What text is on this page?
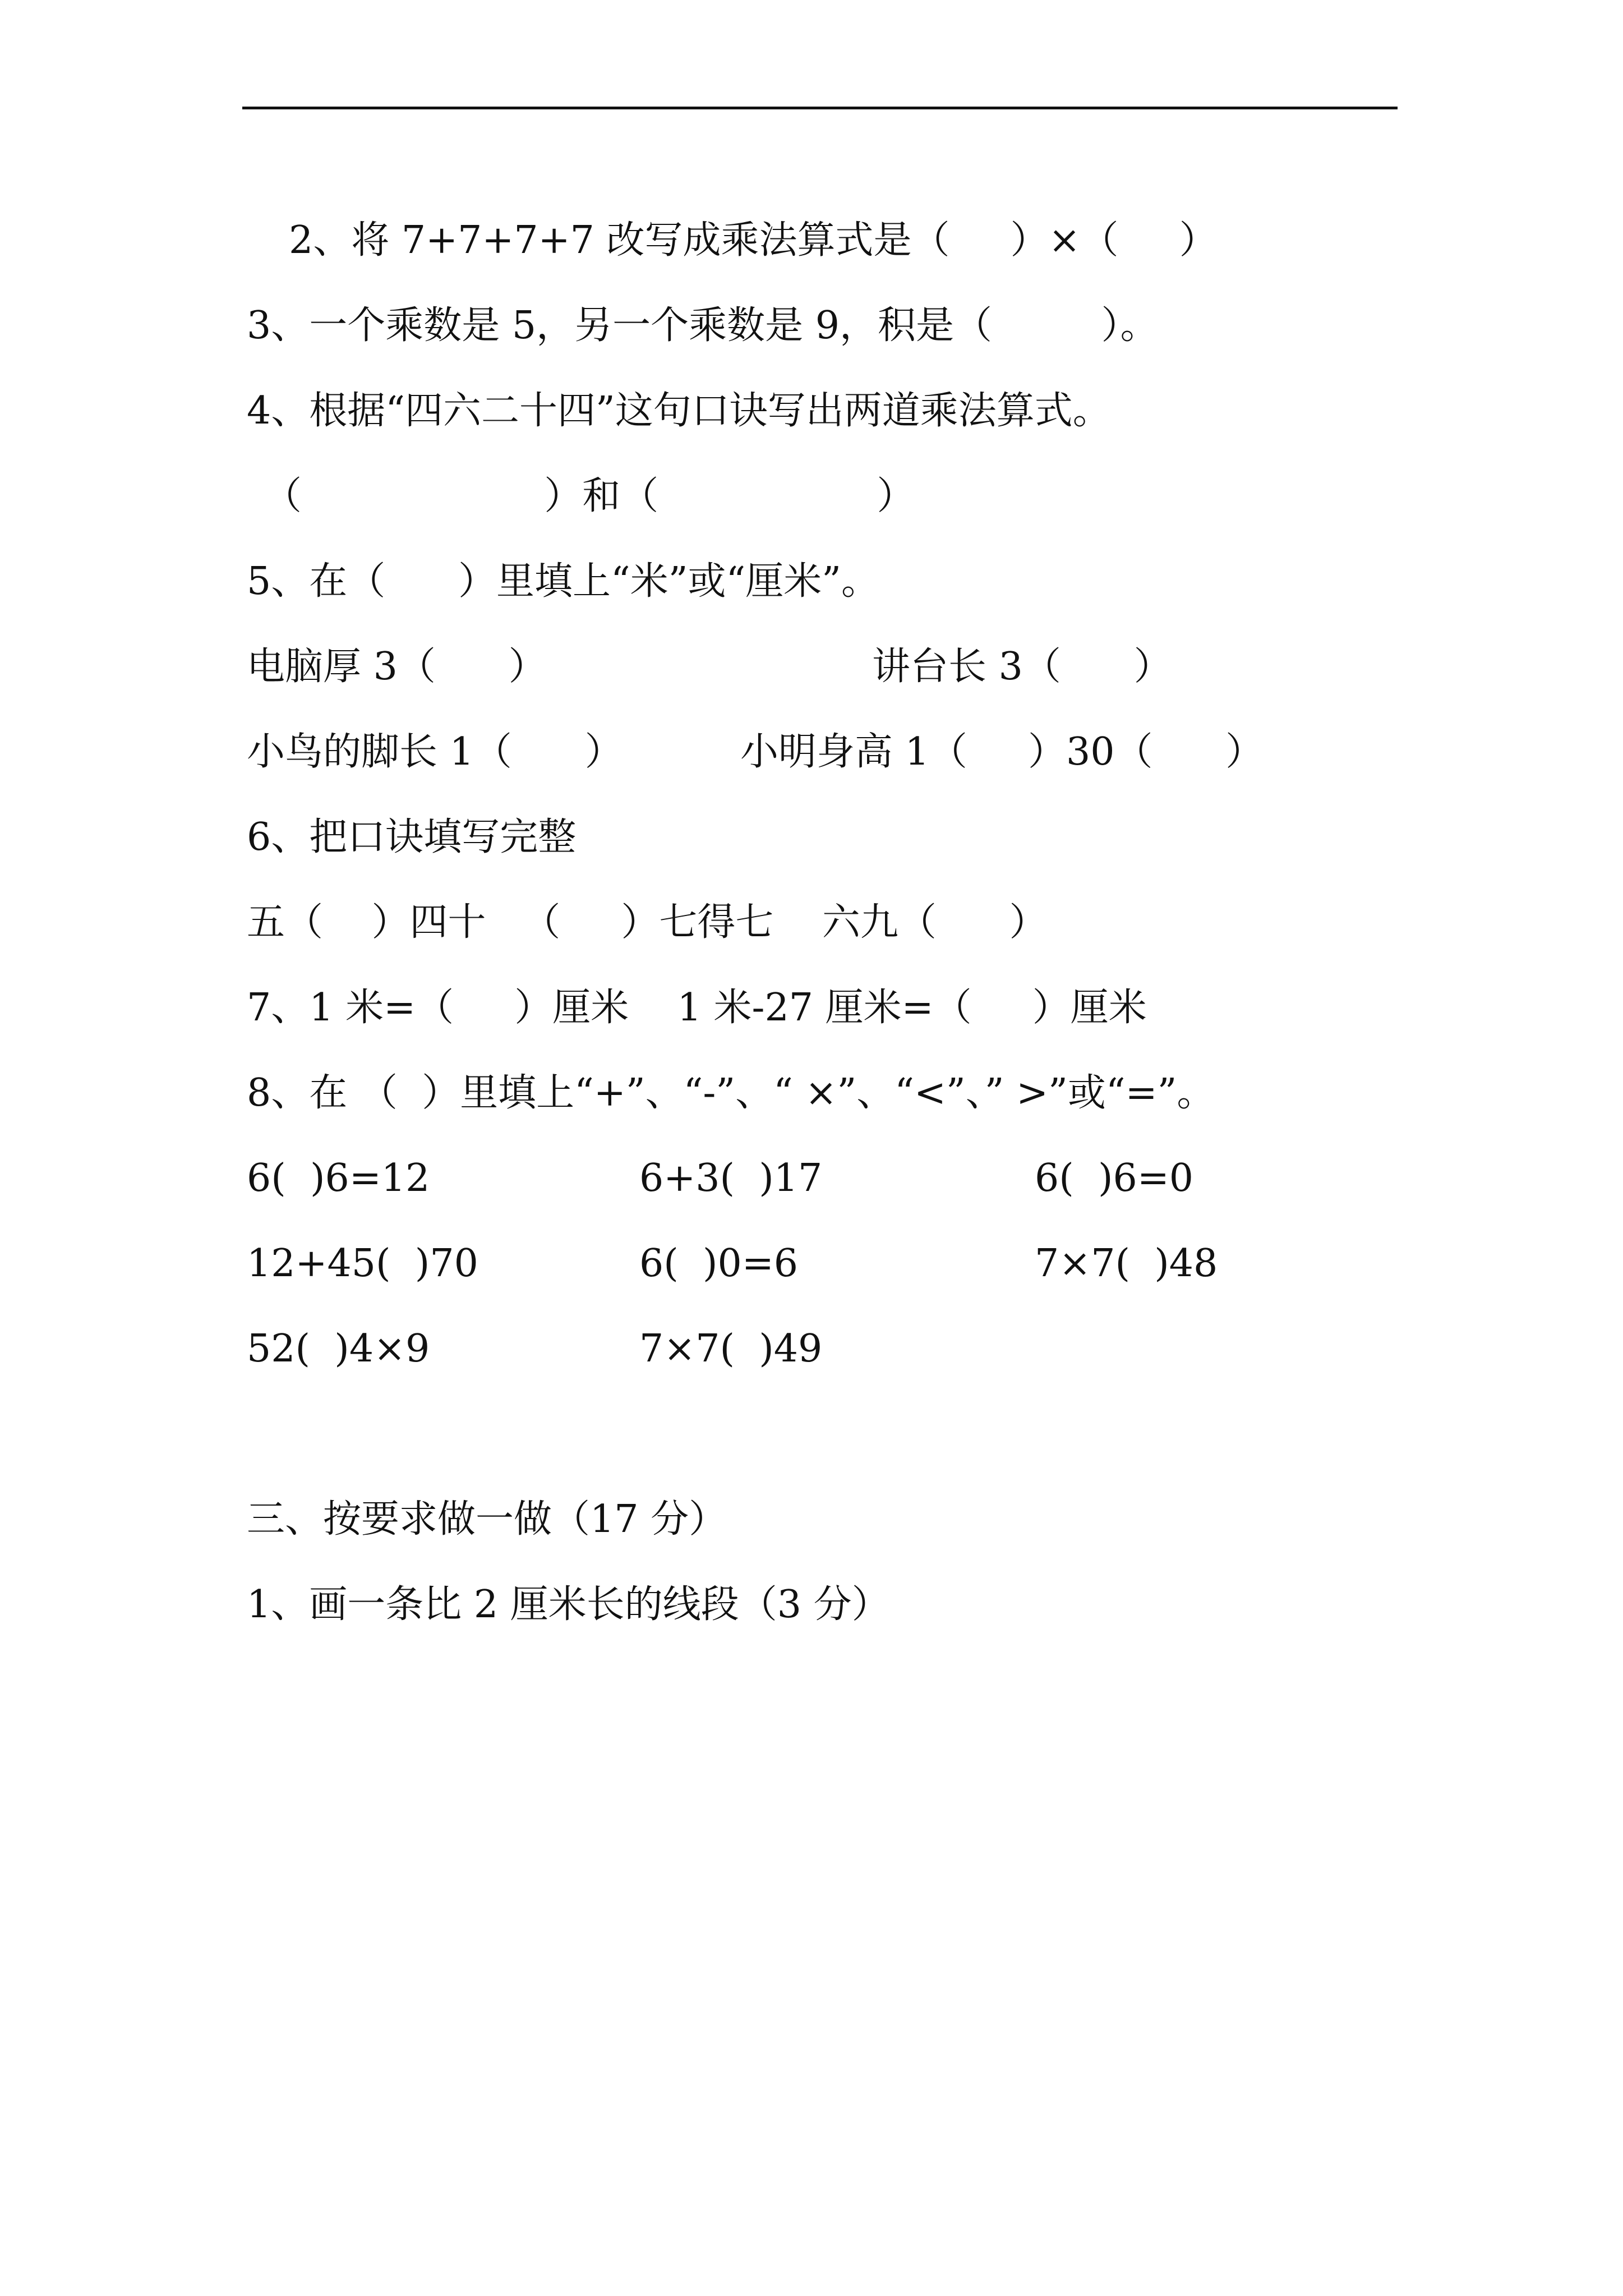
2、将 7+7+7+7 改写成乘法算式是（     ）×（     ）
3、一个乘数是 5，另一个乘数是 9，积是（         ）。
4、根据“四六二十四”这句口诀写出两道乘法算式。
（                    ）和（                  ）
5、在（      ）里填上“米”或“厘米”。
电脑厚 3（      ）	讲台长 3（      ）
小鸟的脚长 1（      ）	小明身高 1（     ）30（      ）
6、把口诀填写完整
五（    ）四十   （     ）七得七    六九（      ）
7、1 米=（     ）厘米    1 米-27 厘米=（     ）厘米
8、在 （  ）里填上“+”、“-”、“ ×”、“<”、” >”或“=”。
6(  )6=12	6+3(  )17	6(  )6=0
12+45(  )70	6(  )0=6	7×7(  )48
52(  )4×9	7×7(  )49
三、按要求做一做（17 分）
1、画一条比 2 厘米长的线段（3 分）
